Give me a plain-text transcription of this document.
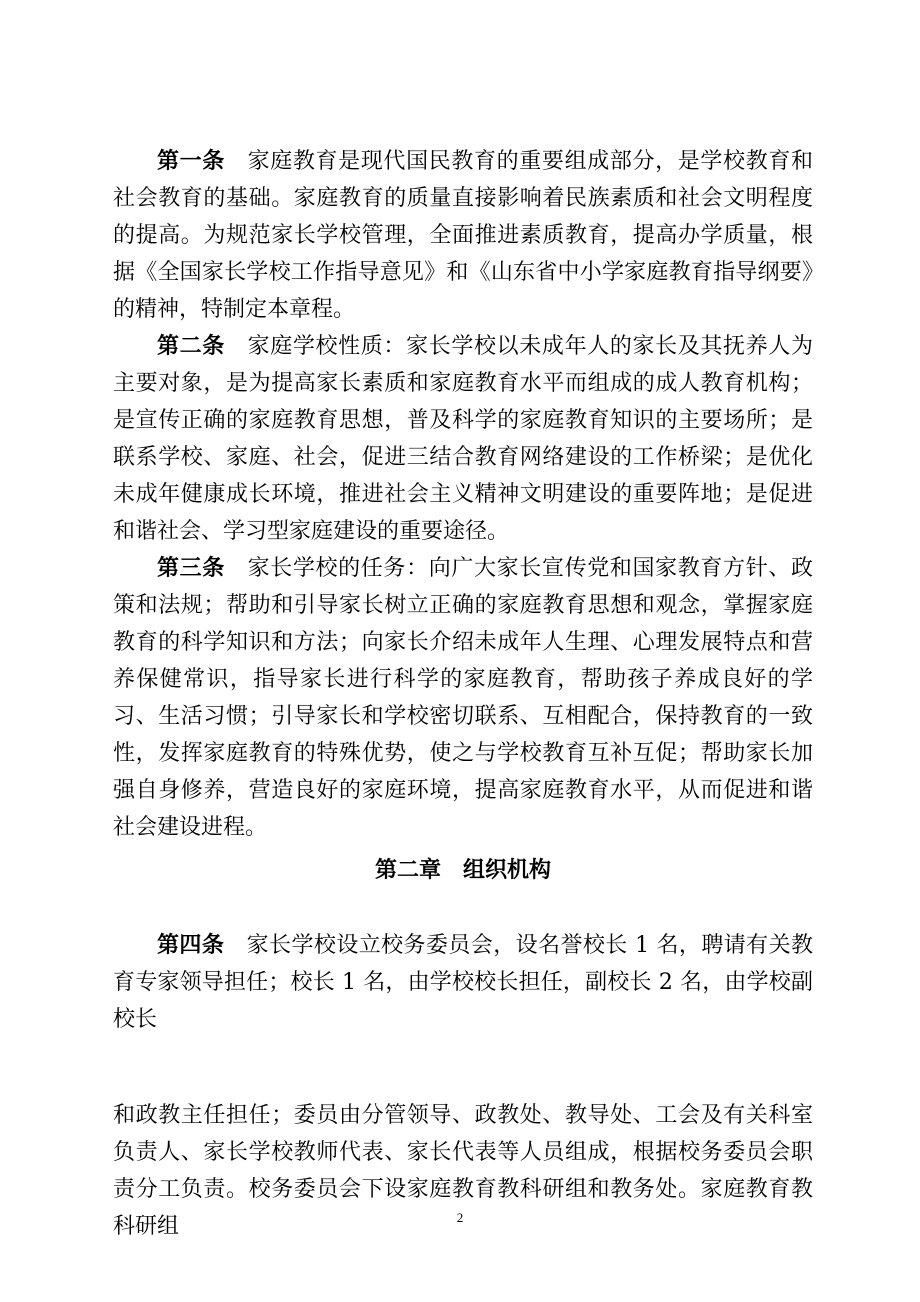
第一条 家庭教育是现代国民教育的重要组成部分，是学校教育和社会教育的基础。家庭教育的质量直接影响着民族素质和社会文明程度的提高。为规范家长学校管理，全面推进素质教育，提高办学质量，根据《全国家长学校工作指导意见》和《山东省中小学家庭教育指导纲要》的精神，特制定本章程。

第二条 家庭学校性质：家长学校以未成年人的家长及其抚养人为主要对象，是为提高家长素质和家庭教育水平而组成的成人教育机构；是宣传正确的家庭教育思想，普及科学的家庭教育知识的主要场所；是联系学校、家庭、社会，促进三结合教育网络建设的工作桥梁；是优化未成年健康成长环境，推进社会主义精神文明建设的重要阵地；是促进和谐社会、学习型家庭建设的重要途径。

第三条 家长学校的任务：向广大家长宣传党和国家教育方针、政策和法规；帮助和引导家长树立正确的家庭教育思想和观念，掌握家庭教育的科学知识和方法；向家长介绍未成年人生理、心理发展特点和营养保健常识，指导家长进行科学的家庭教育，帮助孩子养成良好的学习、生活习惯；引导家长和学校密切联系、互相配合，保持教育的一致性，发挥家庭教育的特殊优势，使之与学校教育互补互促；帮助家长加强自身修养，营造良好的家庭环境，提高家庭教育水平，从而促进和谐社会建设进程。

第二章 组织机构

第四条 家长学校设立校务委员会，设名誉校长 1 名，聘请有关教育专家领导担任；校长 1 名，由学校校长担任，副校长 2 名，由学校副校长

和政教主任担任；委员由分管领导、政教处、教导处、工会及有关科室负责人、家长学校教师代表、家长代表等人员组成，根据校务委员会职责分工负责。校务委员会下设家庭教育教科研组和教务处。家庭教育教科研组	2
